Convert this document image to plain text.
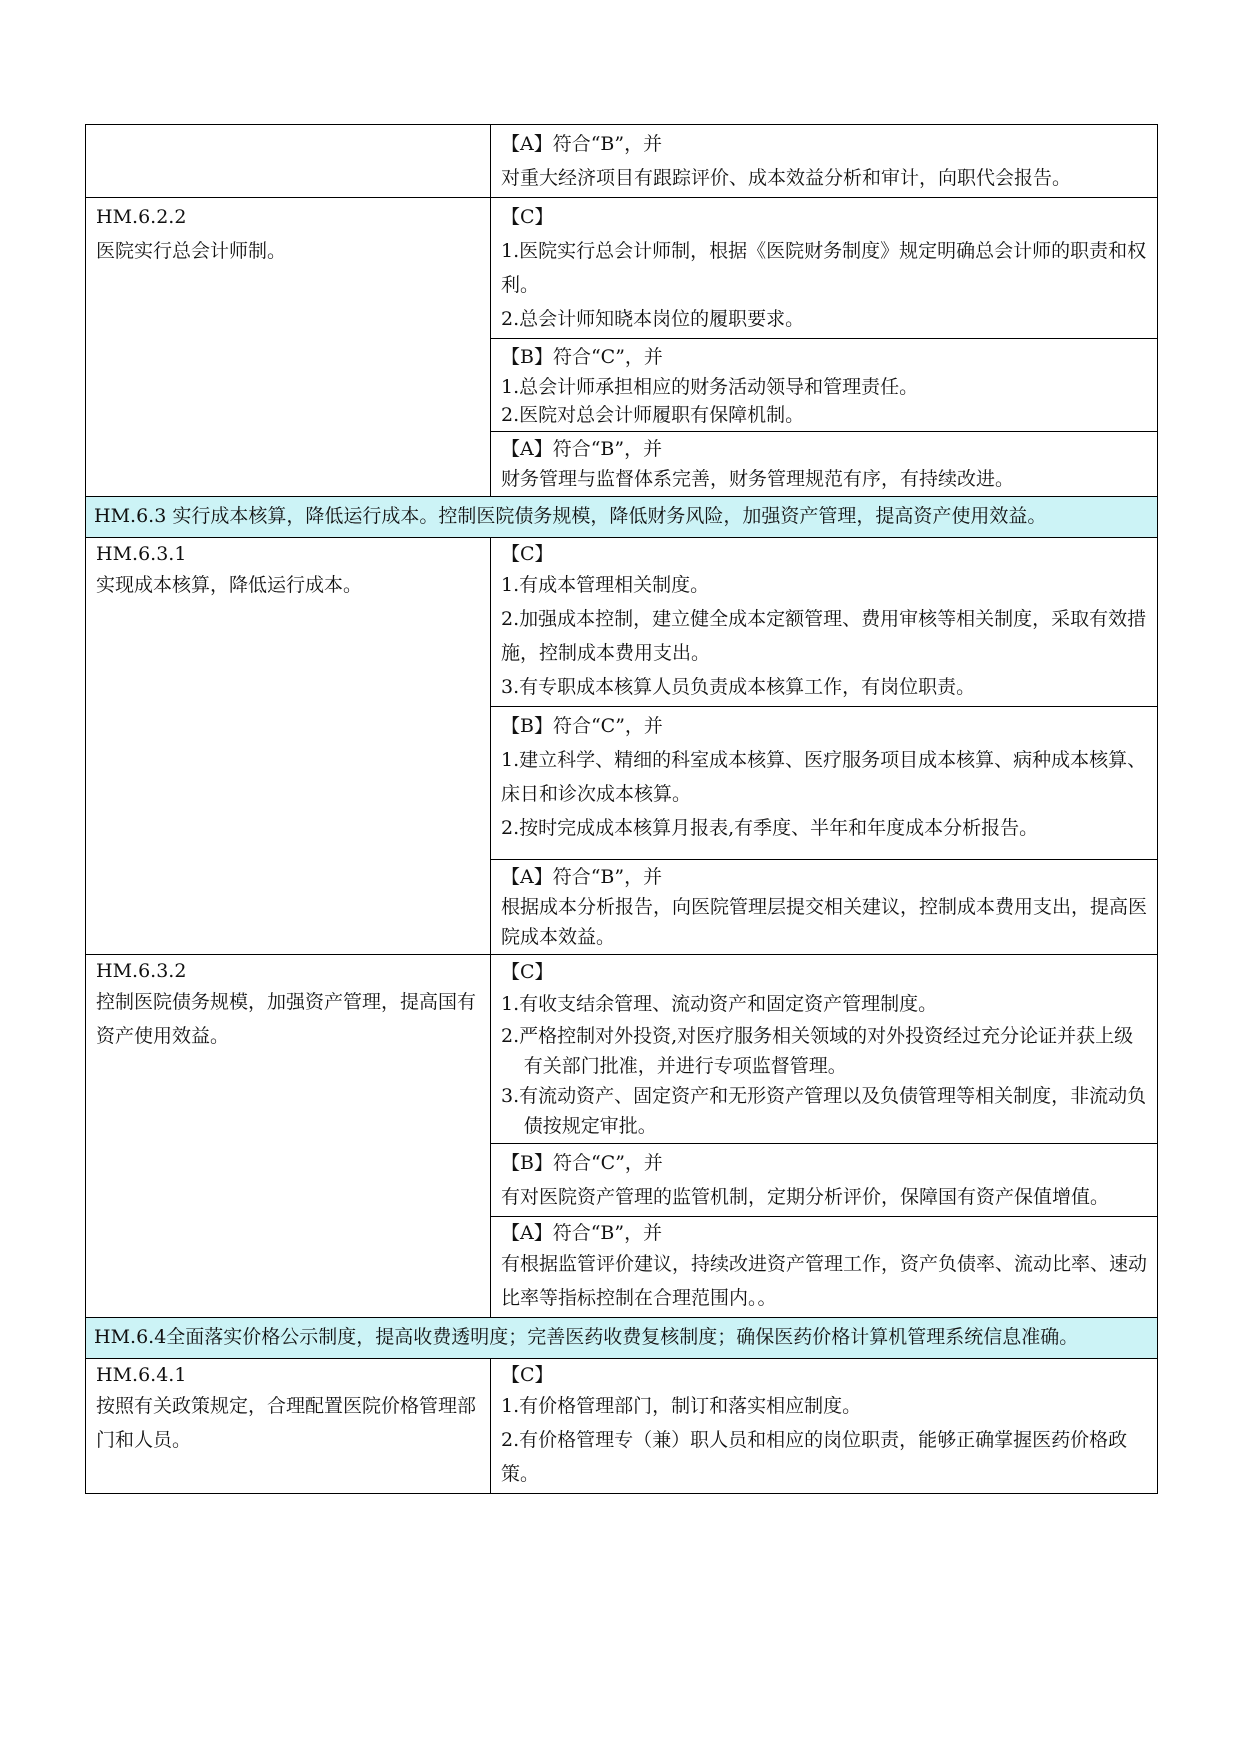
	【A】符合“B”，并
对重大经济项目有跟踪评价、成本效益分析和审计，向职代会报告。

HM.6.2.2
医院实行总会计师制。	【C】
1.医院实行总会计师制，根据《医院财务制度》规定明确总会计师的职责和权利。
2.总会计师知晓本岗位的履职要求。

	【B】符合“C”，并
1.总会计师承担相应的财务活动领导和管理责任。
2.医院对总会计师履职有保障机制。

	【A】符合“B”，并
财务管理与监督体系完善，财务管理规范有序，有持续改进。

HM.6.3 实行成本核算，降低运行成本。控制医院债务规模，降低财务风险，加强资产管理，提高资产使用效益。	

HM.6.3.1
实现成本核算，降低运行成本。	【C】
1.有成本管理相关制度。
2.加强成本控制，建立健全成本定额管理、费用审核等相关制度，采取有效措施，控制成本费用支出。
3.有专职成本核算人员负责成本核算工作，有岗位职责。

	【B】符合“C”，并
1.建立科学、精细的科室成本核算、医疗服务项目成本核算、病种成本核算、床日和诊次成本核算。
2.按时完成成本核算月报表,有季度、半年和年度成本分析报告。

	【A】符合“B”，并
根据成本分析报告，向医院管理层提交相关建议，控制成本费用支出，提高医院成本效益。

HM.6.3.2
控制医院债务规模，加强资产管理，提高国有资产使用效益。	【C】
1.有收支结余管理、流动资产和固定资产管理制度。
2.严格控制对外投资,对医疗服务相关领域的对外投资经过充分论证并获上级有关部门批准，并进行专项监督管理。
3.有流动资产、固定资产和无形资产管理以及负债管理等相关制度，非流动负债按规定审批。

	【B】符合“C”，并
有对医院资产管理的监管机制，定期分析评价，保障国有资产保值增值。

	【A】符合“B”，并
有根据监管评价建议，持续改进资产管理工作，资产负债率、流动比率、速动比率等指标控制在合理范围内。。

HM.6.4全面落实价格公示制度，提高收费透明度；完善医药收费复核制度；确保医药价格计算机管理系统信息准确。	

HM.6.4.1
按照有关政策规定，合理配置医院价格管理部门和人员。	【C】
1.有价格管理部门，制订和落实相应制度。
2.有价格管理专（兼）职人员和相应的岗位职责，能够正确掌握医药价格政策。
